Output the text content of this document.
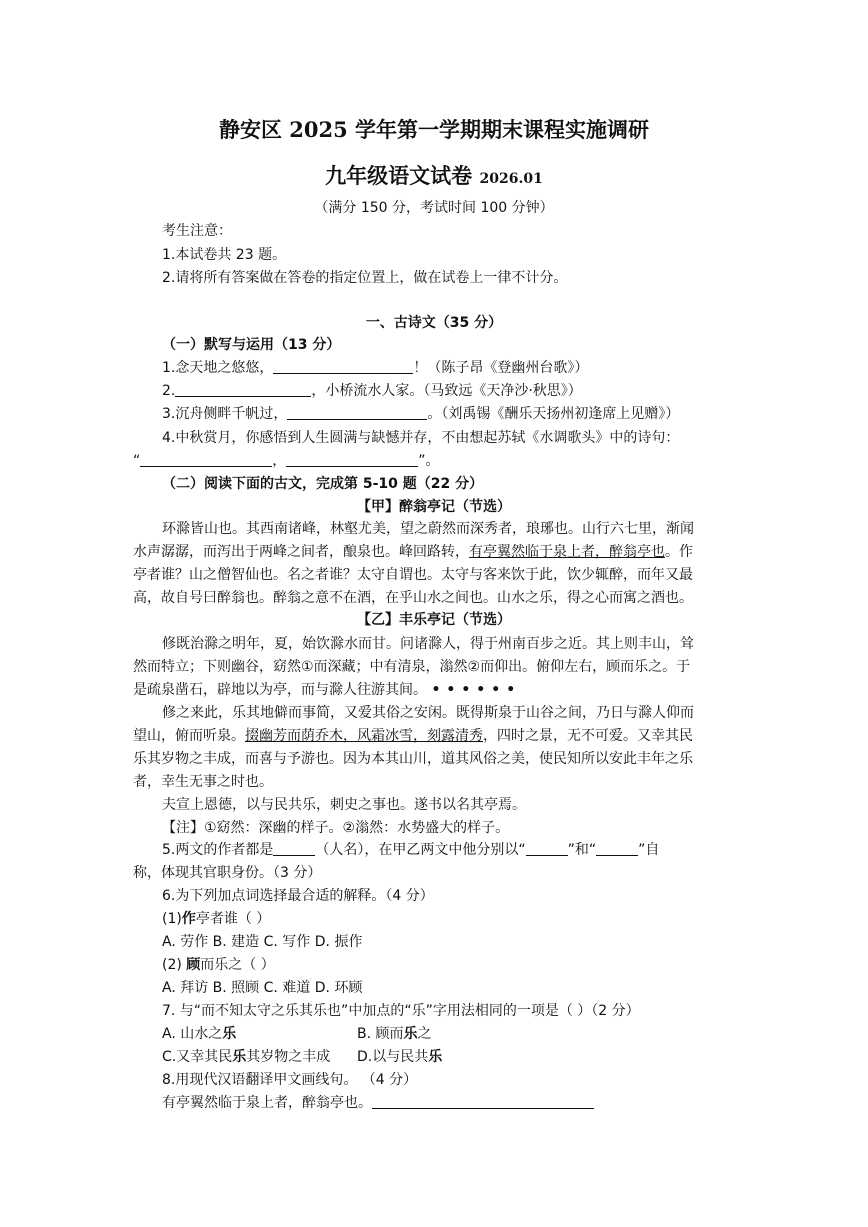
静安区 2025 学年第一学期期末课程实施调研
九年级语文试卷 2026.01
（满分 150 分，考试时间 100 分钟）
考生注意：
1.本试卷共 23 题。
2.请将所有答案做在答卷的指定位置上，做在试卷上一律不计分。
一、古诗文（35 分）
（一）默写与运用（13 分）
1.念天地之悠悠，	！（陈子昂《登幽州台歌》）
2.	，小桥流水人家。（马致远《天净沙·秋思》）
3.沉舟侧畔千帆过，	。（刘禹锡《酬乐天扬州初逢席上见赠》）
4.中秋赏月，你感悟到人生圆满与缺憾并存，不由想起苏轼《水调歌头》中的诗句：
“	，	”。
（二）阅读下面的古文，完成第 5-10 题（22 分）
【甲】醉翁亭记（节选）
环滁皆山也。其西南诸峰，林壑尤美，望之蔚然而深秀者，琅琊也。山行六七里，渐闻
水声潺潺，而泻出于两峰之间者，酿泉也。峰回路转，有亭翼然临于泉上者，醉翁亭也。作
亭者谁？山之僧智仙也。名之者谁？太守自谓也。太守与客来饮于此，饮少辄醉，而年又最
高，故自号曰醉翁也。醉翁之意不在酒，在乎山水之间也。山水之乐，得之心而寓之酒也。
【乙】丰乐亭记（节选）
修既治滁之明年，夏，始饮滁水而甘。问诸滁人，得于州南百步之近。其上则丰山，耸
然而特立；下则幽谷，窈然①而深藏；中有清泉，滃然②而仰出。俯仰左右，顾而乐之。于
是疏泉凿石，辟地以为亭，而与滁人往游其间。 ••••••
修之来此，乐其地僻而事简，又爱其俗之安闲。既得斯泉于山谷之间，乃日与滁人仰而
望山，俯而听泉。掇幽芳而荫乔木，风霜冰雪，刻露清秀，四时之景，无不可爱。又幸其民
乐其岁物之丰成，而喜与予游也。因为本其山川，道其风俗之美，使民知所以安此丰年之乐
者，幸生无事之时也。
夫宣上恩德，以与民共乐，刺史之事也。遂书以名其亭焉。
【注】①窈然：深幽的样子。②滃然：水势盛大的样子。
5.两文的作者都是	（人名），在甲乙两文中他分别以“	”和“	”自
称，体现其官职身份。（3 分）
6.为下列加点词选择最合适的解释。（4 分）
(1)作亭者谁（ ）
A. 劳作 B. 建造 C. 写作 D. 振作
(2) 顾而乐之（ ）
A. 拜访 B. 照顾 C. 难道 D. 环顾
7. 与“而不知太守之乐其乐也”中加点的“乐”字用法相同的一项是（ ）（2 分）
A. 山水之乐	B. 顾而乐之
C.又幸其民乐其岁物之丰成 D.以与民共乐
8.用现代汉语翻译甲文画线句。 （4 分）
有亭翼然临于泉上者，醉翁亭也。
